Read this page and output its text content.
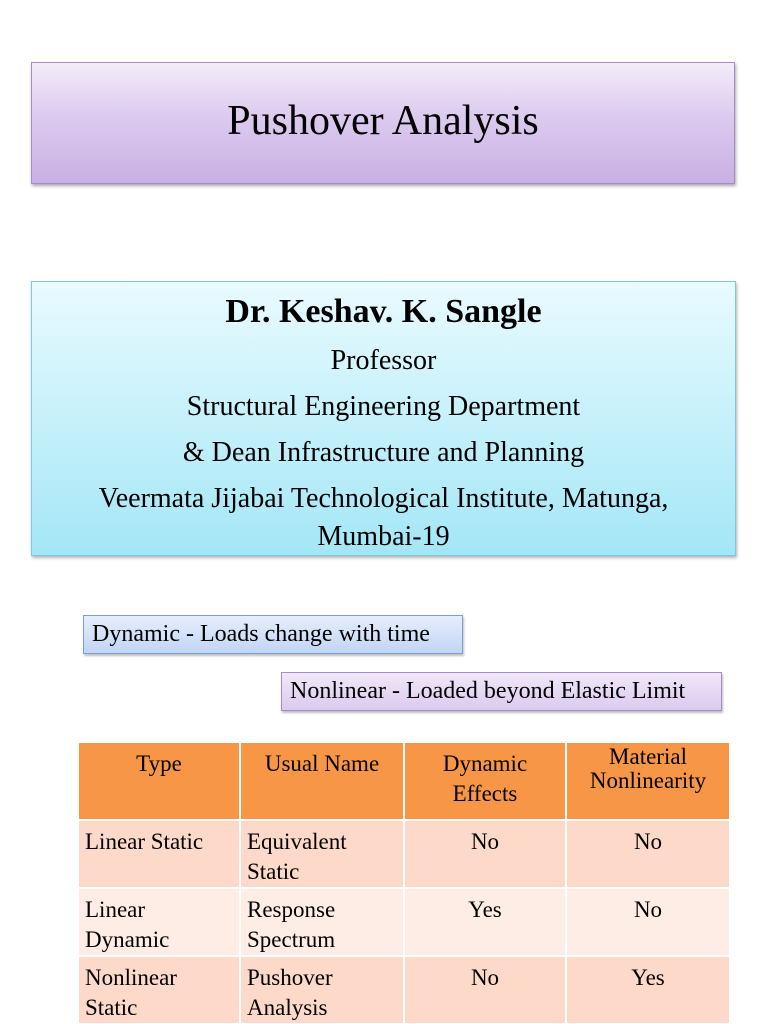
Pushover Analysis
Dr. Keshav. K. Sangle
Professor
Structural Engineering Department
& Dean Infrastructure and Planning
Veermata Jijabai Technological Institute, Matunga, Mumbai-19
Dynamic - Loads change with time
Nonlinear - Loaded beyond Elastic Limit
Type	Usual Name	Dynamic Effects	Material Nonlinearity
Linear Static	Equivalent Static	No	No
Linear Dynamic	Response Spectrum	Yes	No
Nonlinear Static	Pushover Analysis	No	Yes
